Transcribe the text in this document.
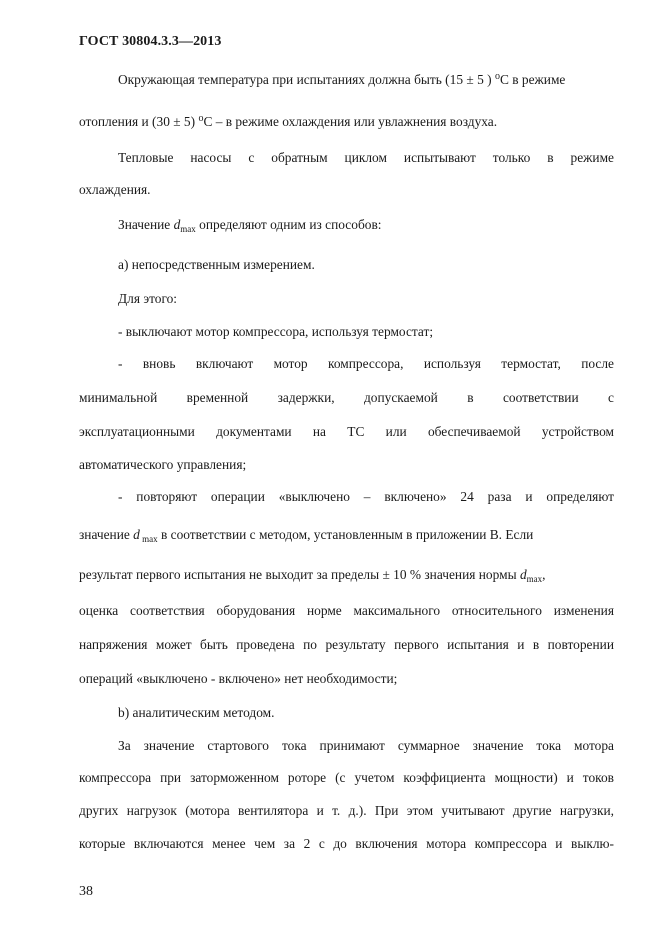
ГОСТ 30804.3.3—2013
Окружающая температура при испытаниях должна быть (15 ± 5 ) $^о$С в режиме
отопления и (30 ± 5) $^о$С – в режиме охлаждения или увлажнения воздуха.
Тепловые насосы с обратным циклом испытывают только в режиме
охлаждения.
Значение $d_{max}$ определяют одним из способов:
а) непосредственным измерением.
Для этого:
- выключают мотор компрессора, используя термостат;
- вновь включают мотор компрессора, используя термостат, после
минимальной временной задержки, допускаемой в соответствии с
эксплуатационными документами на ТС или обеспечиваемой устройством
автоматического управления;
- повторяют операции «выключено – включено» 24 раза и определяют
значение d $_{max}$ в соответствии с методом, установленным в приложении В. Если
результат первого испытания не выходит за пределы ± 10 % значения нормы $d_{max}$,
оценка соответствия оборудования норме максимального относительного изменения
напряжения может быть проведена по результату первого испытания и в повторении
операций «выключено - включено» нет необходимости;
b) аналитическим методом.
За значение стартового тока принимают суммарное значение тока мотора
компрессора при заторможенном роторе (с учетом коэффициента мощности) и токов
других нагрузок (мотора вентилятора и т. д.). При этом учитывают другие нагрузки,
которые включаются менее чем за 2 с до включения мотора компрессора и выклю-
38
